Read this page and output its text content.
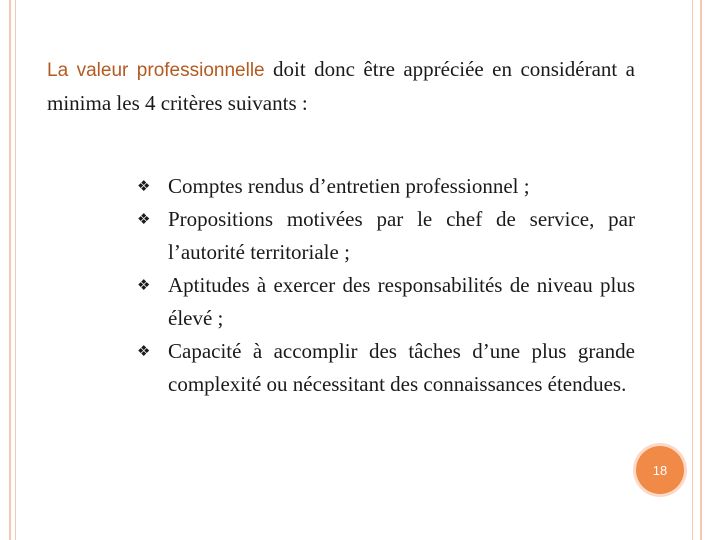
La valeur professionnelle doit donc être appréciée en considérant a minima les 4 critères suivants :

❖ Comptes rendus d’entretien professionnel ;
❖ Propositions motivées par le chef de service, par l’autorité territoriale ;
❖ Aptitudes à exercer des responsabilités de niveau plus élevé ;
❖ Capacité à accomplir des tâches d’une plus grande complexité ou nécessitant des connaissances étendues.
18
